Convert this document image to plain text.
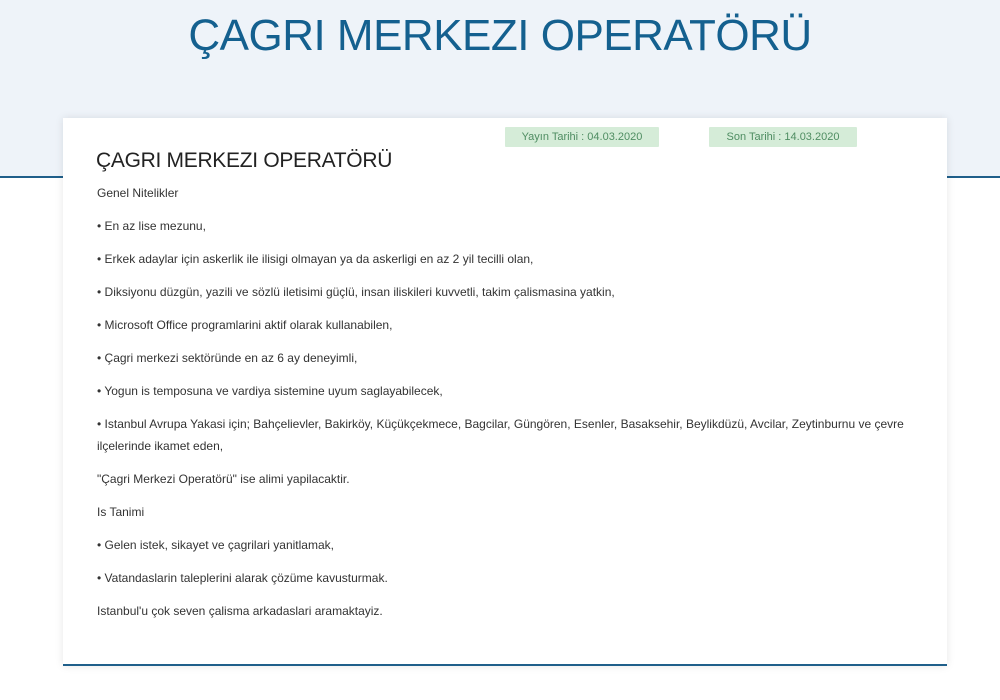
ÇAGRI MERKEZI OPERATÖRÜ
Yayın Tarihi : 04.03.2020	Son Tarihi : 14.03.2020
ÇAGRI MERKEZI OPERATÖRÜ
Genel Nitelikler
• En az lise mezunu,
• Erkek adaylar için askerlik ile ilisigi olmayan ya da askerligi en az 2 yil tecilli olan,
• Diksiyonu düzgün, yazili ve sözlü iletisimi güçlü, insan iliskileri kuvvetli, takim çalismasina yatkin,
• Microsoft Office programlarini aktif olarak kullanabilen,
• Çagri merkezi sektöründe en az 6 ay deneyimli,
• Yogun is temposuna ve vardiya sistemine uyum saglayabilecek,
• Istanbul Avrupa Yakasi için; Bahçelievler, Bakirköy, Küçükçekmece, Bagcilar, Güngören, Esenler, Basaksehir, Beylikdüzü, Avcilar, Zeytinburnu ve çevre ilçelerinde ikamet eden,
"Çagri Merkezi Operatörü" ise alimi yapilacaktir.
Is Tanimi
• Gelen istek, sikayet ve çagrilari yanitlamak,
• Vatandaslarin taleplerini alarak çözüme kavusturmak.
Istanbul'u çok seven çalisma arkadaslari aramaktayiz.
